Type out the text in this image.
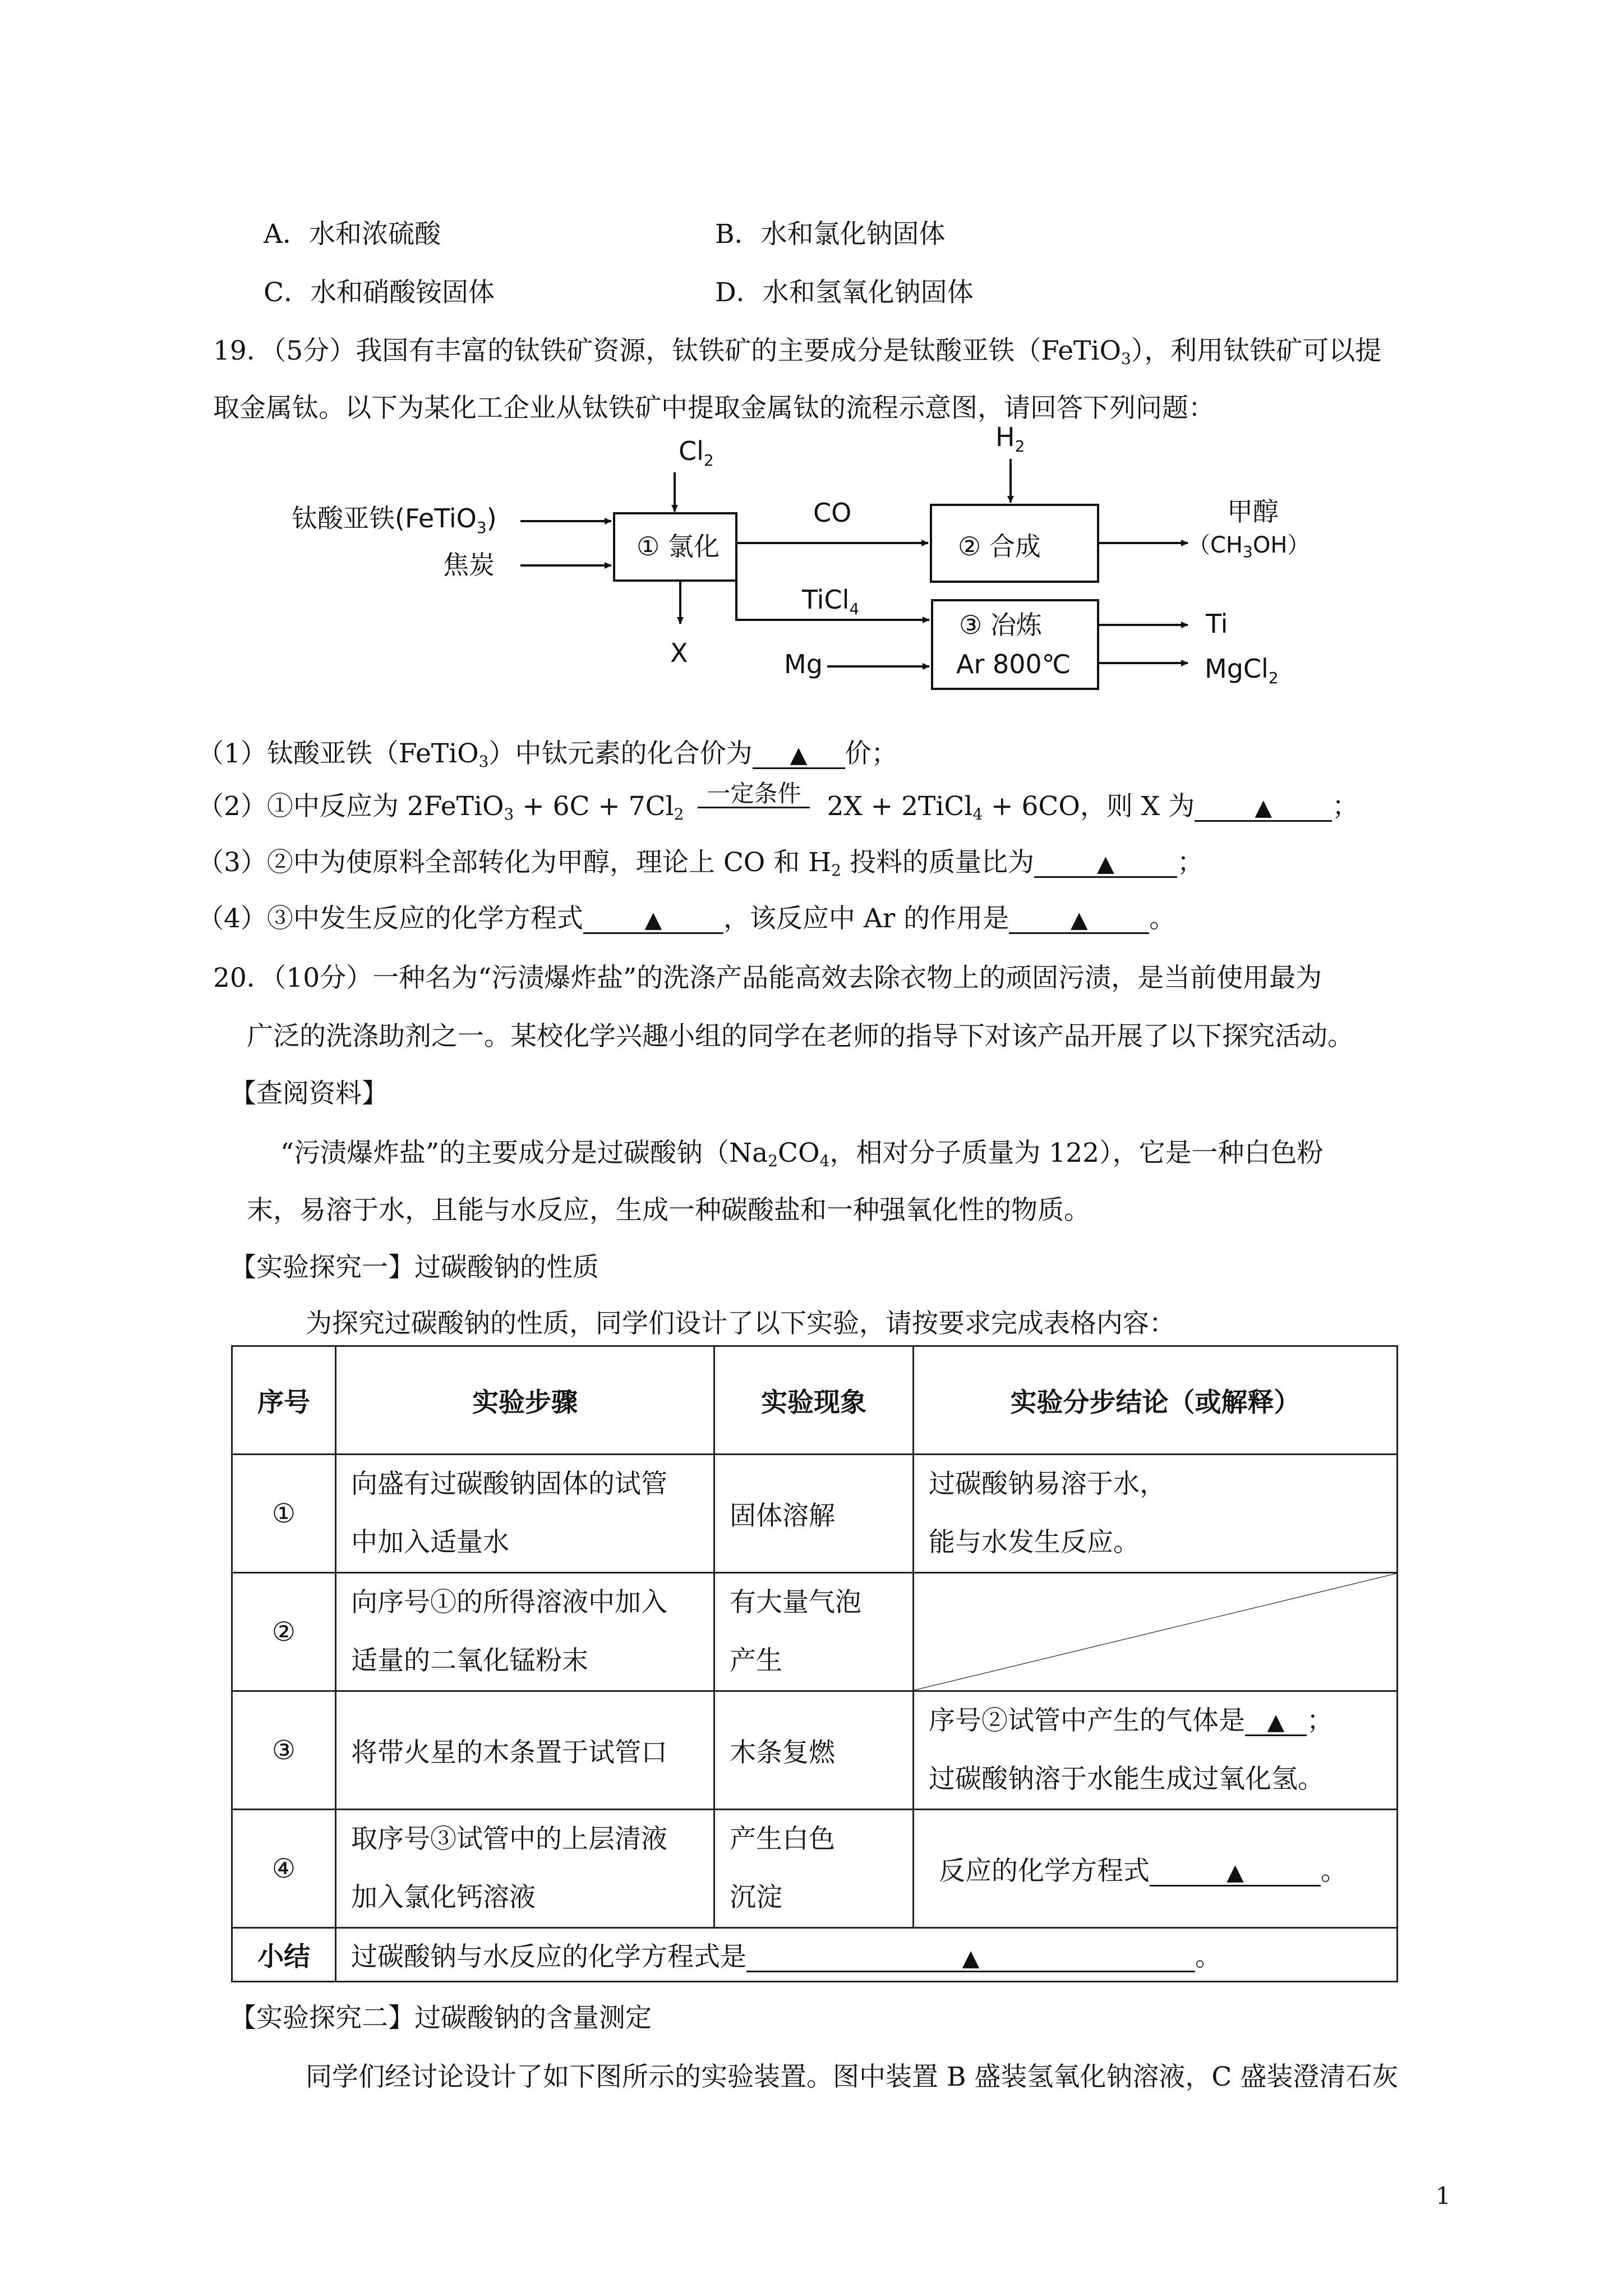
A．水和浓硫酸	B．水和氯化钠固体
C．水和硝酸铵固体	D．水和氢氧化钠固体
19．（5分）我国有丰富的钛铁矿资源，钛铁矿的主要成分是钛酸亚铁（FeTiO$_3$），利用钛铁矿可以提
取金属钛。以下为某化工企业从钛铁矿中提取金属钛的流程示意图，请回答下列问题：
$Cl_2$
钛酸亚铁(FeTiO$_3$)
焦炭
① 氯化
CO
$H_2$
② 合成
甲醇
$(CH_3OH)$
TiCl$_4$
X	Mg
③ 冶炼
Ar 800℃
Ti
MgCl$_2$
（1）钛酸亚铁（FeTiO$_3$）中钛元素的化合价为 ▲ 价；
（2）①中反应为 2FeTiO$_3$ + $6C + 7Cl_2$一定条件 2X + 2TiCl$_4$ + 6CO，则 X 为	▲ ；
（3）②中为使原料全部转化为甲醇，理论上 CO 和 $H_2$ 投料的质量比为	▲ ；
（4）③中发生反应的化学方程式	▲ ，该反应中 Ar 的作用是	▲ 。
20．（10分）一种名为“污渍爆炸盐”的洗涤产品能高效去除衣物上的顽固污渍，是当前使用最为
广泛的洗涤助剂之一。某校化学兴趣小组的同学在老师的指导下对该产品开展了以下探究活动。
【查阅资料】
“污渍爆炸盐”的主要成分是过碳酸钠（$Na_2CO_4$，相对分子质量为 122），它是一种白色粉
末，易溶于水，且能与水反应，生成一种碳酸盐和一种强氧化性的物质。
【实验探究一】过碳酸钠的性质
为探究过碳酸钠的性质，同学们设计了以下实验，请按要求完成表格内容：
序号	实验步骤	实验现象	实验分步结论（或解释）
①	向盛有过碳酸钠固体的试管
中加入适量水	固体溶解	过碳酸钠易溶于水，
能与水发生反应。

②	向序号①的所得溶液中加入
适量的二氧化锰粉末	有大量气泡
产生

③	将带火星的木条置于试管口	木条复燃	序号②试管中产生的气体是 ▲ ；
过碳酸钠溶于水能生成过氧化氢。

④	取序号③试管中的上层清液
加入氯化钙溶液	产生白色
沉淀	反应的化学方程式 ▲ 。
小结	过碳酸钠与水反应的化学方程式是 ▲ 。		
【实验探究二】过碳酸钠的含量测定
同学们经讨论设计了如下图所示的实验装置。图中装置 B 盛装氢氧化钠溶液，C 盛装澄清石灰
1
